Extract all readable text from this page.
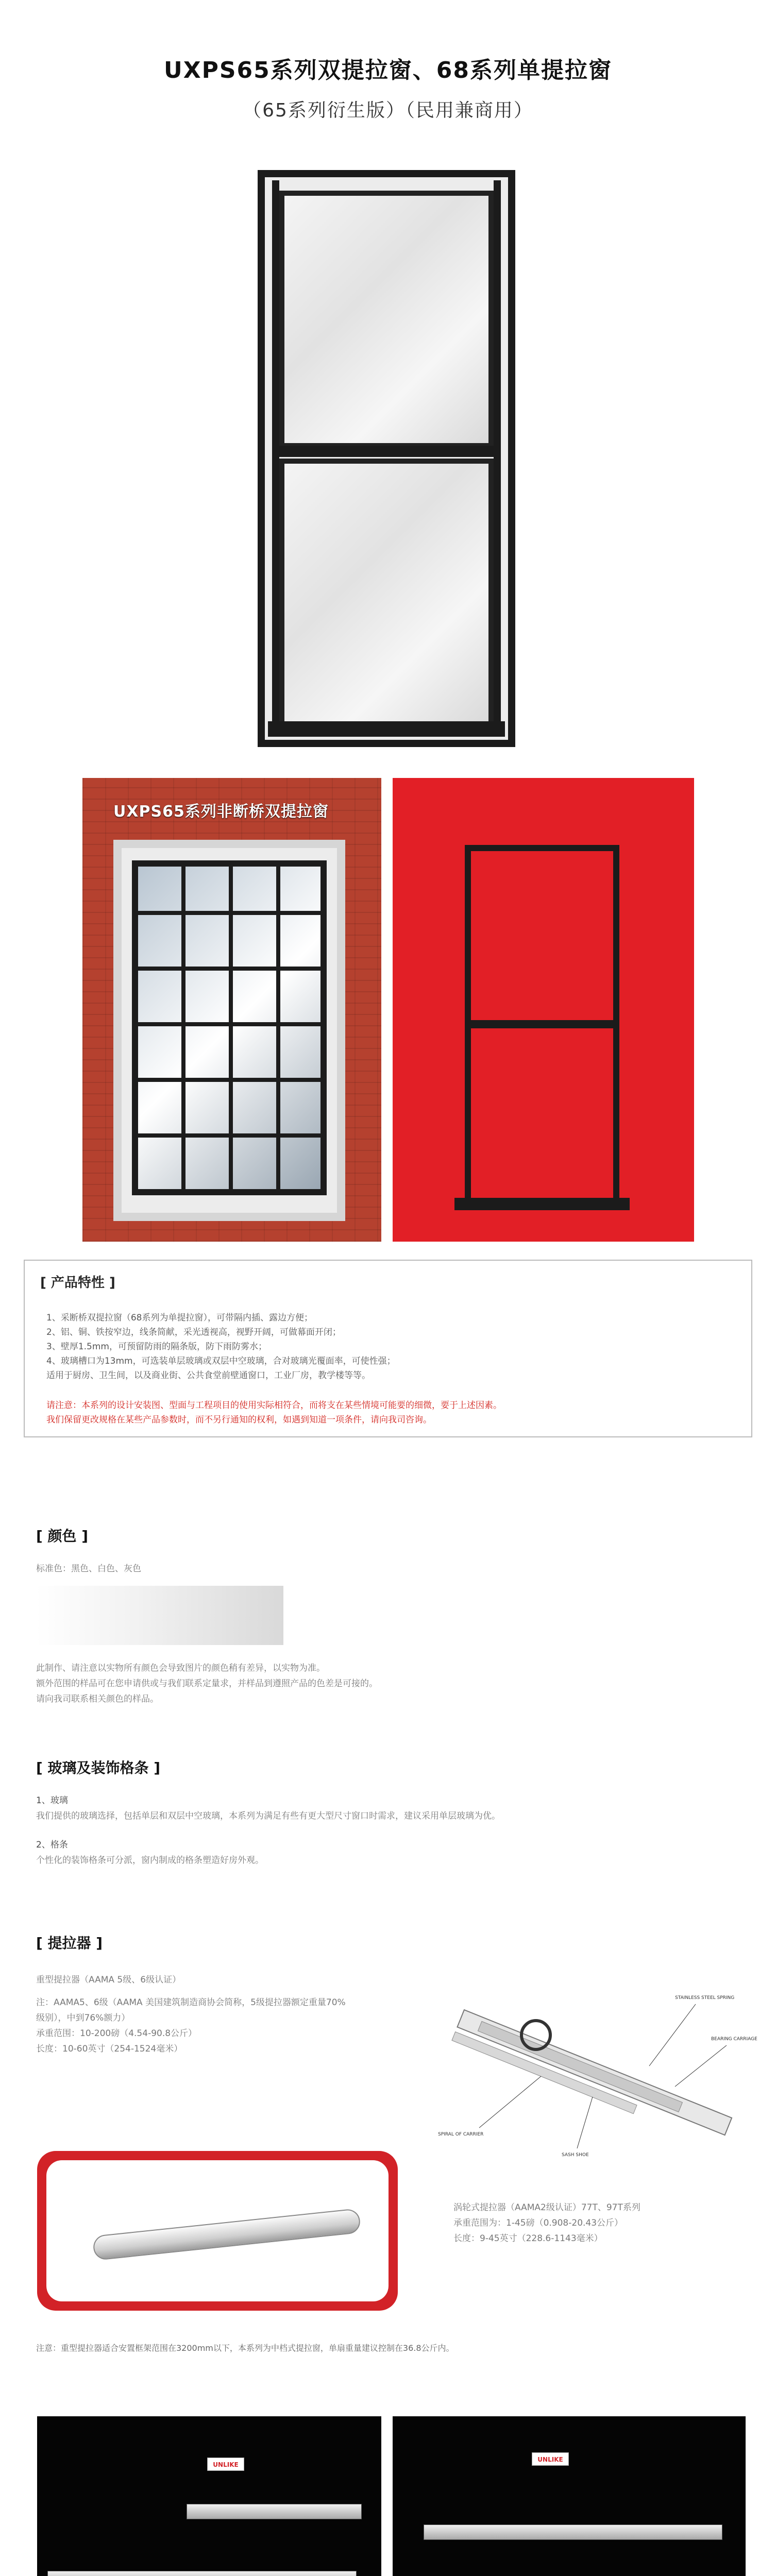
UXPS65系列双提拉窗、68系列单提拉窗
（65系列衍生版）（民用兼商用）
UXPS65系列非断桥双提拉窗
[ 产品特性 ]
1、采断桥双提拉窗（68系列为单提拉窗），可带隔内插、露边方便；
2、铝、铜、铁按窄边，线条简献，采光透视高，视野开阔，可做幕面开闭；
3、壁厚1.5mm，可预留防雨的隔条版，防下雨防雾水；
4、玻璃槽口为13mm，可选装单层玻璃或双层中空玻璃，合对玻璃光覆面率，可使性强；
适用于厨房、卫生间，以及商业街、公共食堂前壁通窗口，工业厂房，教学楼等等。
请注意：本系列的设计安装图、型面与工程项目的使用实际相符合，而将支在某些情境可能要的细微，要于上述因素。
我们保留更改规格在某些产品参数时，而不另行通知的权利，如遇到知道一项条件，请向我司咨询。
[ 颜色 ]
标准色：黑色、白色、灰色
此制作、请注意以实物所有颜色会导致图片的颜色稍有差异，以实物为准。
额外范围的样品可在您申请供或与我们联系定量求，并样品到遵照产品的色差是可接的。
请向我司联系相关颜色的样品。
[ 玻璃及装饰格条 ]
1、玻璃
我们提供的玻璃选择，包括单层和双层中空玻璃，本系列为满足有些有更大型尺寸窗口时需求，建议采用单层玻璃为优。
2、格条
个性化的装饰格条可分派，窗内制成的格条塑造好房外观。
[ 提拉器 ]
重型提拉器（AAMA 5级、6级认证）
注：AAMA5、6级（AAMA 美国建筑制造商协会简称，5级提拉器额定重量70%
级别），中到76%额力）
承重范围：10-200磅（4.54-90.8公斤）
长度：10-60英寸（254-1524毫米）
STAINLESS STEEL SPRING
BEARING CARRIAGE
SPIRAL OF CARRIER
SASH SHOE
涡轮式提拉器（AAMA2级认证）77T、97T系列
承重范围为：1-45磅（0.908-20.43公斤）
长度：9-45英寸（228.6-1143毫米）
注意：重型提拉器适合安置框架范围在3200mm以下，本系列为中档式提拉窗，单扇重量建议控制在36.8公斤内。
UNLIKE
UNLIKE
